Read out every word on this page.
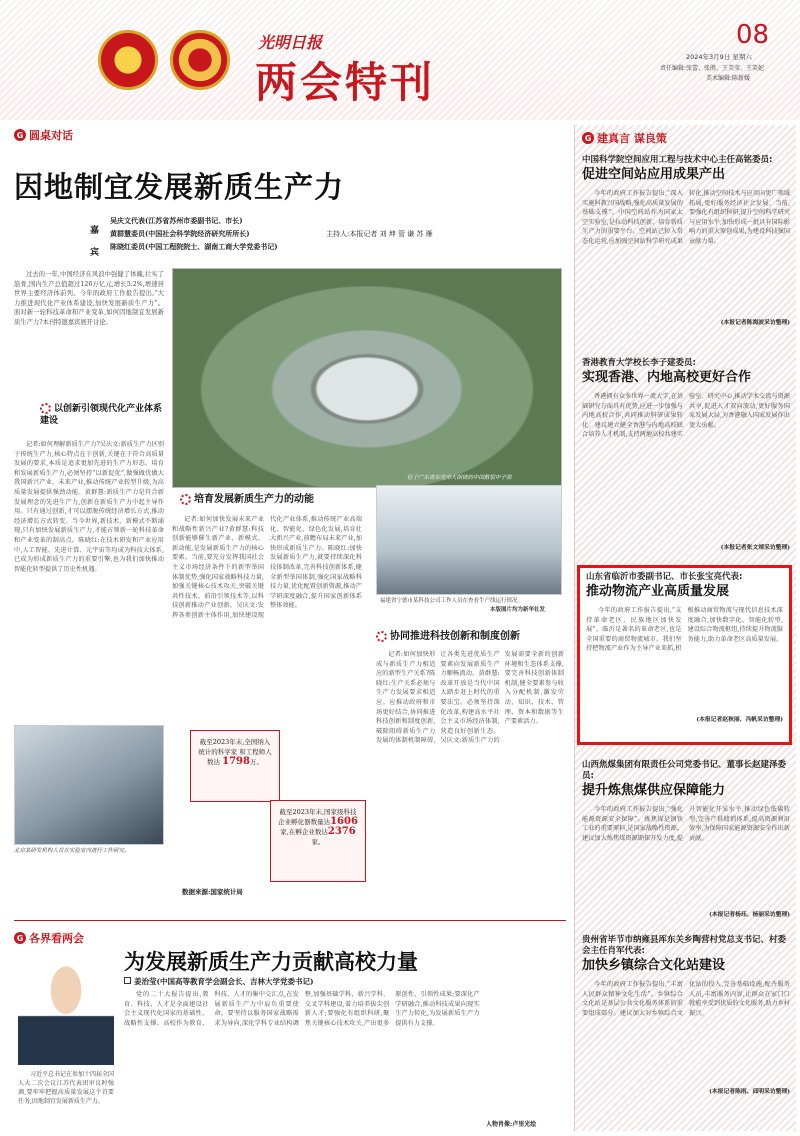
光明日报
两会特刊
08
2024年3月9日 星期六
责任编辑:张蕾、张胜、王美莹、王笑妃
美术编辑:陈新媛
G 圆桌对话
因地制宜发展新质生产力
嘉
宾
吴庆文代表(江苏省苏州市委副书记、市长)
黄群慧委员(中国社会科学院经济研究所所长)
陈晓红委员(中国工程院院士、湖南工商大学党委书记)
主持人:本报记者 刘 坤 管 谦 苏 雁

过去的一年,中国经济在风浪中强健了体魄,壮实了筋骨,国内生产总值超过126万亿元,增长5.2%,增速居世界主要经济体前列。今年的政府工作报告提出,“大力推进现代化产业体系建设,加快发展新质生产力”。面对新一轮科技革命和产业变革,如何因地制宜发展新质生产力?本刊特邀嘉宾展开讨论。

以创新引领现代化产业体系建设

记者:如何理解新质生产力?吴庆文:新质生产力区别于传统生产力,核心特点在于创新,关键在于符合高质量发展的要求,本质是追求更加先进的生产力形态。培育和发展新质生产力,必须坚持“以新促优”,做强做优做大我国新兴产业、未来产业,推动传统产业转型升级,为高质量发展提供强劲动能。黄群慧:新质生产力是符合新发展理念的先进生产力,创新在新质生产力中起主导作用。只有通过创新,才可以摆脱传统经济增长方式,推动经济增长方式转变。当今世界,新技术、新模式不断涌现,只有加快发展新质生产力,才能占领新一轮科技革命和产业变革的制高点。陈晓红:在技术研发和产业应用中,人工智能、先进计算、元宇宙等均成为科技大体系,已成为形成新质生产力的重要引擎,也为我们加快推动智能化转型提供了历史性机遇。

位于广东省东莞市大朗镇的中国散裂中子源
培育发展新质生产力的动能

记者:如何加快发展未来产业和战略性新兴产业?黄群慧:科技创新能够催生新产业、新模式、新动能,是发展新质生产力的核心要素。当前,要充分发挥我国社会主义市场经济条件下的新型举国体制优势,强化国家战略科技力量,加强关键核心技术攻关,突破关键共性技术、前沿引领技术等,以科技创新推动产业创新。吴庆文:发挥各类创新主体作用,加快建设现代化产业体系,推动传统产业高端化、智能化、绿色化发展,培育壮大新兴产业,前瞻布局未来产业,加快形成新质生产力。陈晓红:加快发展新质生产力,就要持续深化科技体制改革,完善科技创新体系,健全新型举国体制,强化国家战略科技力量,优化配置创新资源,推动产学研深度融合,提升国家创新体系整体效能。

福建省宁德市某科技公司工作人员在查看生产线运行情况。
本版图片均为新华社发
协同推进科技创新和制度创新

记者:如何加快形成与新质生产力相适应的新型生产关系?陈晓红:生产关系必须与生产力发展要求相适应。应推动政府和市场更好结合,协同推进科技创新和制度创新,破除阻碍新质生产力发展的体制机制障碍,让各类先进优质生产要素向发展新质生产力顺畅流动。黄群慧:改革开放是当代中国大踏步赶上时代的重要法宝。必须坚持深化改革,构建高水平社会主义市场经济体制,营造良好创新生态。吴庆文:新质生产力的发展需要全新的创新环境和生态体系支撑,要完善科技创新体制机制,健全要素参与收入分配机制,激发劳动、知识、技术、管理、资本和数据等生产要素活力。

北京某研发机构人员在实验室内进行工作研究。
截至2023年末,全国纳入统计的科学家 和工程师人数达 1798万。
截至2023年末,国家级科技企业孵化器数量达1606家,在孵企业数达2376家。
数据来源:国家统计局
G 建真言 谋良策
中国科学院空间应用工程与技术中心主任高铭委员:
促进空间站应用成果产出

今年的政府工作报告提出,“深入实施科教兴国战略,强化高质量发展的基础支撑”。中国空间站作为国家太空实验室,是拉动科技创新、培育新质生产力的重要平台。空间站已转入常态化运营,应加强空间站科学研究成果转化,推动空间技术与应用向更广领域拓展,更好服务经济社会发展。当前,要强化有组织科研,提升空间科学研究与应用水平,加快形成一批具有国际影响力的重大原创成果,为建设科技强国贡献力量。

(本报记者陈海波采访整理)
香港教育大学校长李子建委员:
实现香港、内地高校更好合作

香港拥有众多世界一流大学,在基础研究方面具有优势,应进一步加强与内地高校合作,共同推动科研成果转化。建议建立健全香港与内地高校联合培养人才机制,支持两地高校共建实验室、研究中心,推动学术交流与资源共享,促进人才双向流动,更好服务国家发展大局,为香港融入国家发展作出更大贡献。

(本报记者张文靖采访整理)
山东省临沂市委副书记、市长张宝亮代表:
推动物流产业高质量发展

今年的政府工作报告提出,“支持革命老区、民族地区加快发展”。临沂是著名的革命老区,也是全国重要的商贸物流城市。我们坚持把物流产业作为主导产业来抓,积极推动商贸物流与现代信息技术深度融合,加快数字化、智能化转型,建设综合物流枢纽,持续提升物流服务能力,助力革命老区高质量发展。

(本报记者赵秋丽、冯帆采访整理)
山西焦煤集团有限责任公司党委书记、董事长赵建泽委员:
提升炼焦煤供应保障能力

今年的政府工作报告提出,“强化能源资源安全保障”。炼焦煤是钢铁工业的重要原料,是国家战略性资源。建议加大炼焦煤资源勘探开发力度,提升智能化开采水平,推动绿色低碳转型,完善产供储销体系,提高资源利用效率,为保障国家能源资源安全作出新贡献。

(本报记者杨珏、杨丽采访整理)
贵州省毕节市纳雍县厍东关乡陶营村党总支书记、村委会主任肖军代表:
加快乡镇综合文化站建设

今年的政府工作报告提出,“丰富人民群众精神文化生活”。乡镇综合文化站是基层公共文化服务体系的重要组成部分。建议加大对乡镇综合文化站的投入,完善基础设施,配齐服务人员,丰富服务内容,让群众在家门口就能享受到优质的文化服务,助力乡村振兴。

(本报记者陈雨、邱明采访整理)
G 各界看两会
为发展新质生产力贡献高校力量
姜治莹(中国高等教育学会副会长、吉林大学党委书记)

习近平总书记在参加十四届全国人大二次会议江苏代表团审议时强调,要牢牢把握高质量发展这个首要任务,因地制宜发展新质生产力。

党的二十大报告提出,教育、科技、人才是全面建设社会主义现代化国家的基础性、战略性支撑。高校作为教育、科技、人才的集中交汇点,在发展新质生产力中肩负重要使命。要坚持以服务国家战略需求为导向,深化学科专业结构调整,加强基础学科、新兴学科、交叉学科建设,着力培养拔尖创新人才;要强化有组织科研,聚焦关键核心技术攻关,产出更多原创性、引领性成果;要深化产学研融合,推动科技成果向现实生产力转化,为发展新质生产力提供有力支撑。

人物肖像:卢里光绘
